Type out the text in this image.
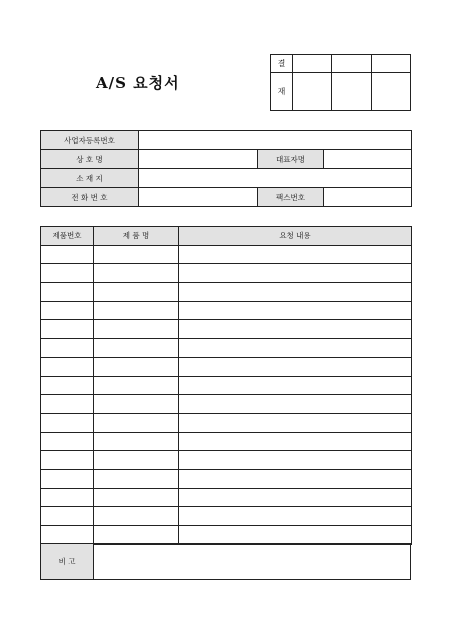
A/S 요청서
결			
재			
사업자등록번호			
상 호 명		대표자명	
소 재 지			
전 화 번 호		팩스번호	
제품번호	제 품 명	요청 내용

비 고	
